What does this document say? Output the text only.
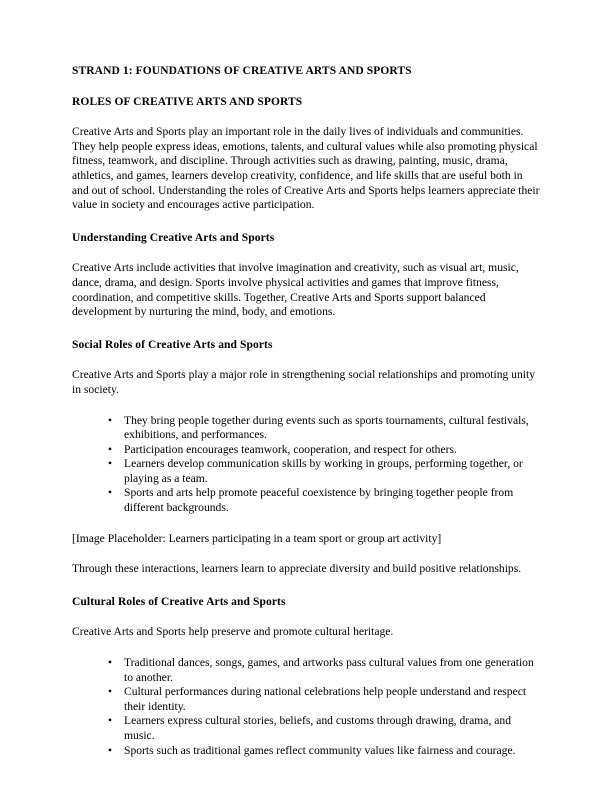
STRAND 1: FOUNDATIONS OF CREATIVE ARTS AND SPORTS
ROLES OF CREATIVE ARTS AND SPORTS

Creative Arts and Sports play an important role in the daily lives of individuals and communities. They help people express ideas, emotions, talents, and cultural values while also promoting physical fitness, teamwork, and discipline. Through activities such as drawing, painting, music, drama, athletics, and games, learners develop creativity, confidence, and life skills that are useful both in and out of school. Understanding the roles of Creative Arts and Sports helps learners appreciate their value in society and encourages active participation.

Understanding Creative Arts and Sports

Creative Arts include activities that involve imagination and creativity, such as visual art, music, dance, drama, and design. Sports involve physical activities and games that improve fitness, coordination, and competitive skills. Together, Creative Arts and Sports support balanced development by nurturing the mind, body, and emotions.

Social Roles of Creative Arts and Sports

Creative Arts and Sports play a major role in strengthening social relationships and promoting unity in society.

• They bring people together during events such as sports tournaments, cultural festivals, exhibitions, and performances.
• Participation encourages teamwork, cooperation, and respect for others.
• Learners develop communication skills by working in groups, performing together, or playing as a team.
• Sports and arts help promote peaceful coexistence by bringing together people from different backgrounds.

[Image Placeholder: Learners participating in a team sport or group art activity]

Through these interactions, learners learn to appreciate diversity and build positive relationships.

Cultural Roles of Creative Arts and Sports

Creative Arts and Sports help preserve and promote cultural heritage.

• Traditional dances, songs, games, and artworks pass cultural values from one generation to another.
• Cultural performances during national celebrations help people understand and respect their identity.
• Learners express cultural stories, beliefs, and customs through drawing, drama, and music.
• Sports such as traditional games reflect community values like fairness and courage.
